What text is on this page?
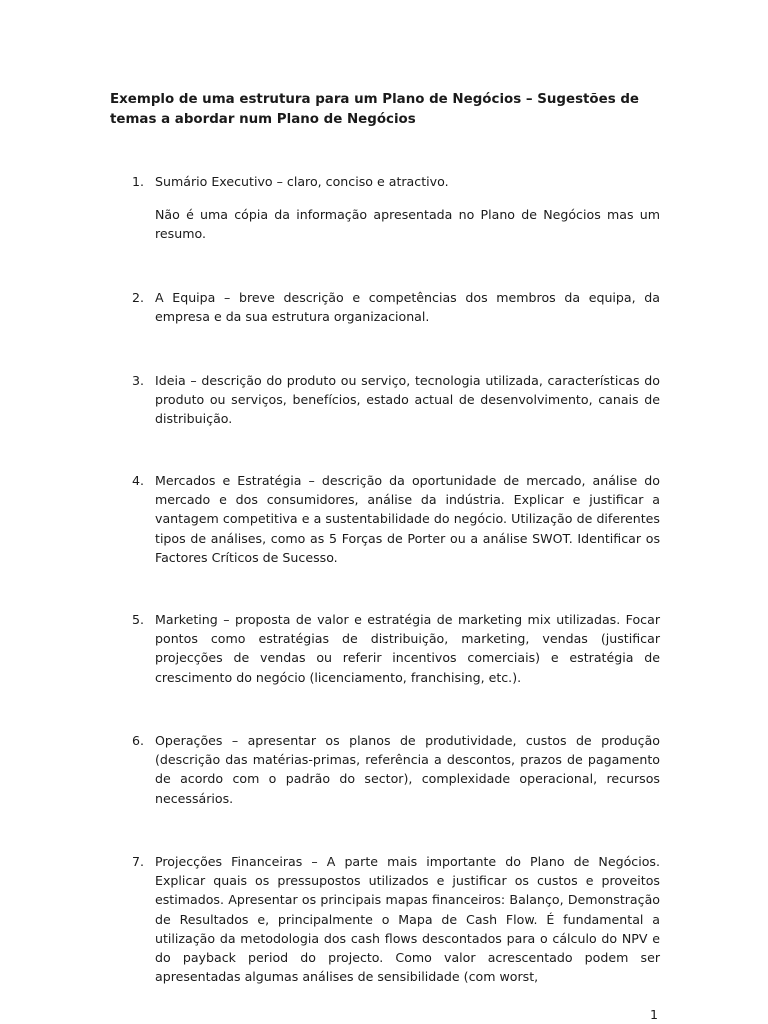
Exemplo de uma estrutura para um Plano de Negócios – Sugestões de temas a abordar num Plano de Negócios
1. Sumário Executivo – claro, conciso e atractivo.

Não é uma cópia da informação apresentada no Plano de Negócios mas um resumo.

2. A Equipa – breve descrição e competências dos membros da equipa, da empresa e da sua estrutura organizacional.

3. Ideia – descrição do produto ou serviço, tecnologia utilizada, características do produto ou serviços, benefícios, estado actual de desenvolvimento, canais de distribuição.

4. Mercados e Estratégia – descrição da oportunidade de mercado, análise do mercado e dos consumidores, análise da indústria. Explicar e justificar a vantagem competitiva e a sustentabilidade do negócio. Utilização de diferentes tipos de análises, como as 5 Forças de Porter ou a análise SWOT. Identificar os Factores Críticos de Sucesso.

5. Marketing – proposta de valor e estratégia de marketing mix utilizadas. Focar pontos como estratégias de distribuição, marketing, vendas (justificar projecções de vendas ou referir incentivos comerciais) e estratégia de crescimento do negócio (licenciamento, franchising, etc.).

6. Operações – apresentar os planos de produtividade, custos de produção (descrição das matérias-primas, referência a descontos, prazos de pagamento de acordo com o padrão do sector), complexidade operacional, recursos necessários.

7. Projecções Financeiras – A parte mais importante do Plano de Negócios. Explicar quais os pressupostos utilizados e justificar os custos e proveitos estimados. Apresentar os principais mapas financeiros: Balanço, Demonstração de Resultados e, principalmente o Mapa de Cash Flow. É fundamental a utilização da metodologia dos cash flows descontados para o cálculo do NPV e do payback period do projecto. Como valor acrescentado podem ser apresentadas algumas análises de sensibilidade (com worst,

1
